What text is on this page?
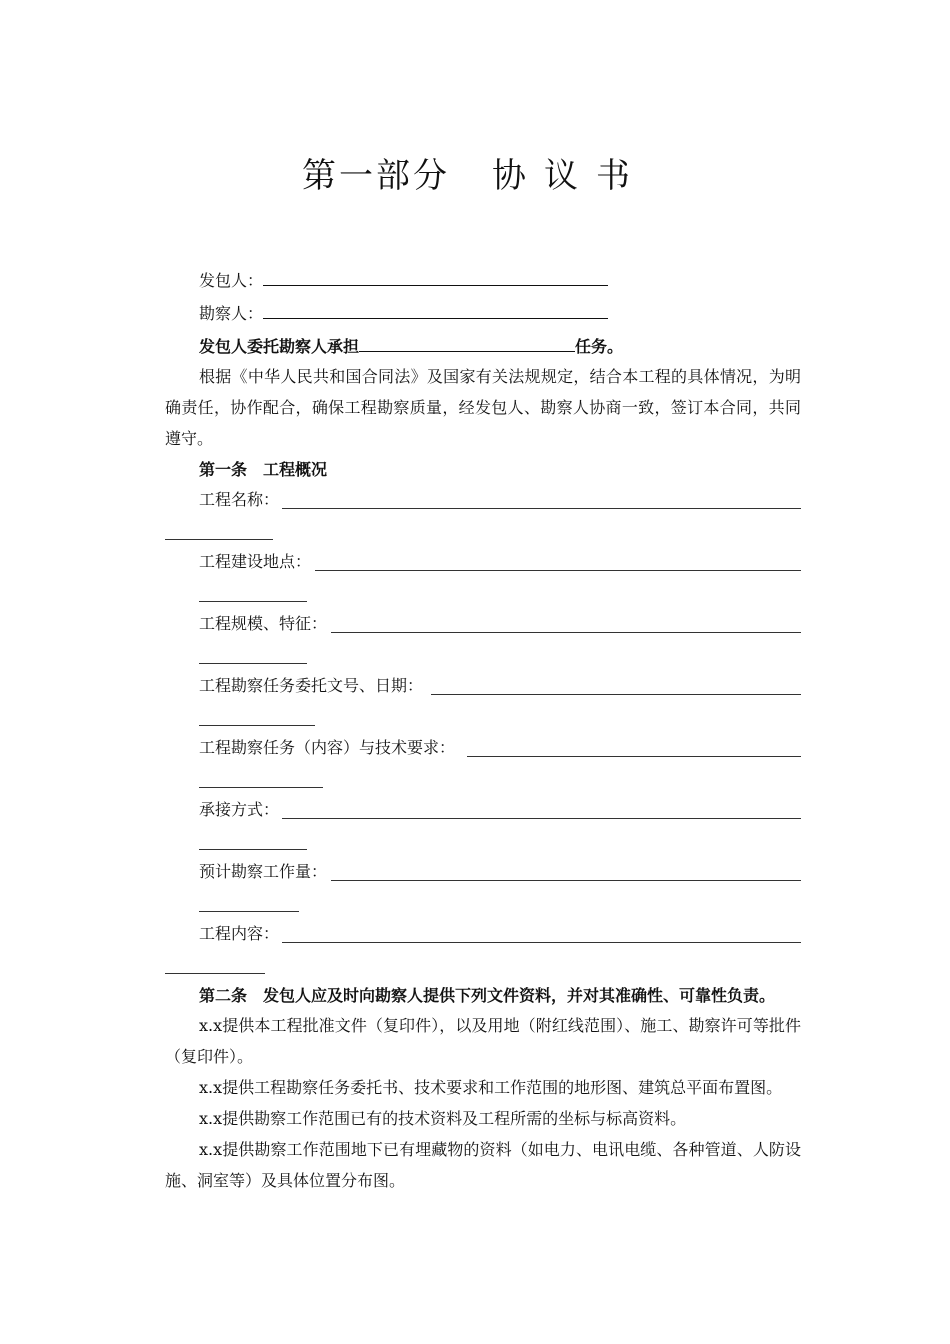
第一部分 协议书
发包人：
勘察人：
发包人委托勘察人承担	任务。

根据《中华人民共和国合同法》及国家有关法规规定，结合本工程的具体情况，为明确责任，协作配合，确保工程勘察质量，经发包人、勘察人协商一致，签订本合同，共同遵守。

第一条　工程概况
工程名称：
工程建设地点：
工程规模、特征：
工程勘察任务委托文号、日期：
工程勘察任务（内容）与技术要求：
承接方式：
预计勘察工作量：
工程内容：
第二条　发包人应及时向勘察人提供下列文件资料，并对其准确性、可靠性负责。

x.x提供本工程批准文件（复印件），以及用地（附红线范围）、施工、勘察许可等批件（复印件）。

x.x提供工程勘察任务委托书、技术要求和工作范围的地形图、建筑总平面布置图。

x.x提供勘察工作范围已有的技术资料及工程所需的坐标与标高资料。

x.x提供勘察工作范围地下已有埋藏物的资料（如电力、电讯电缆、各种管道、人防设施、洞室等）及具体位置分布图。
